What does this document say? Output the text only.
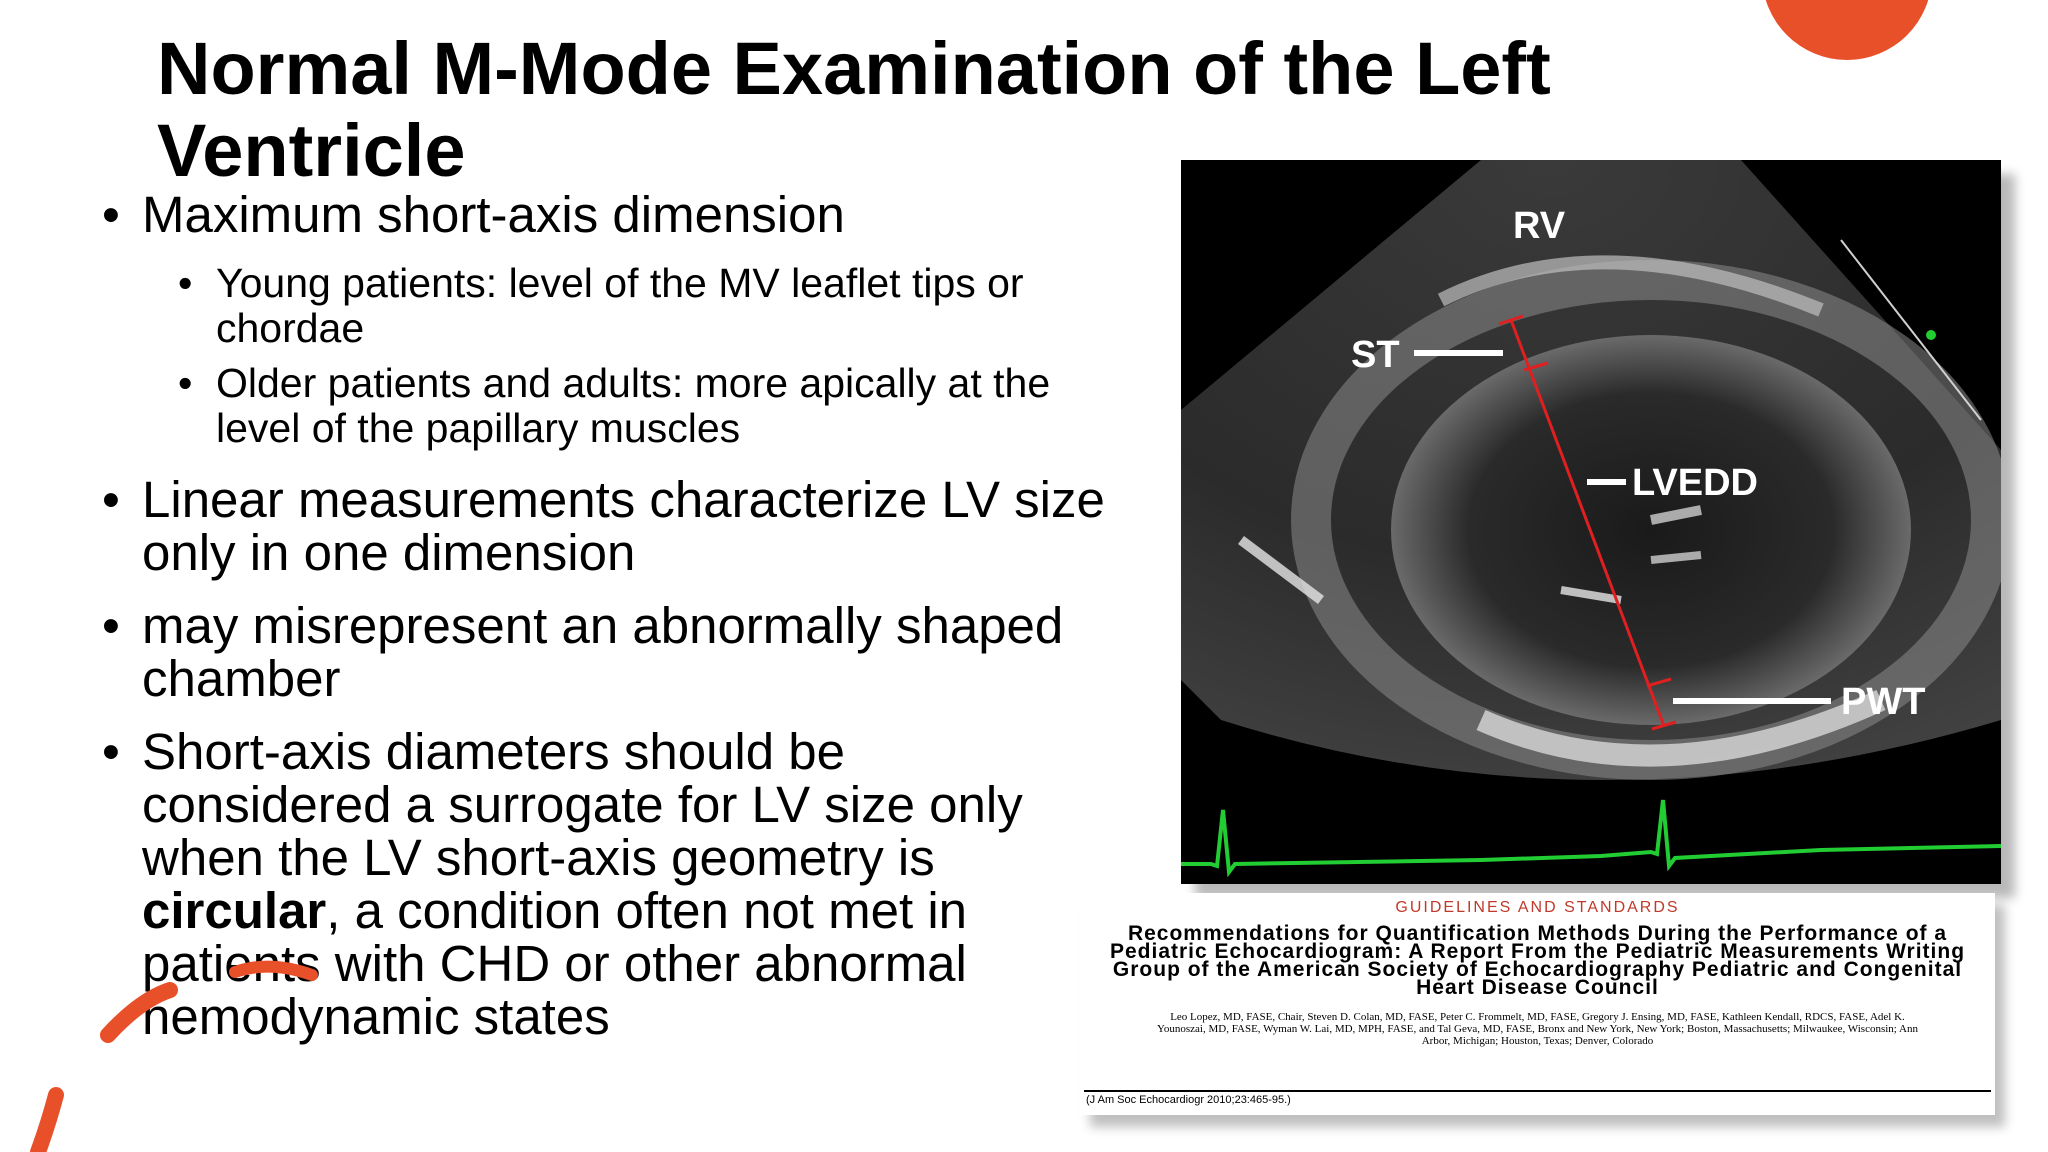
Normal M-Mode Examination of the Left Ventricle
• Maximum short-axis dimension
• Young patients: level of the MV leaflet tips or chordae
• Older patients and adults: more apically at the level of the papillary muscles
• Linear measurements characterize LV size only in one dimension
• may misrepresent an abnormally shaped chamber
• Short-axis diameters should be considered a surrogate for LV size only when the LV short-axis geometry is circular, a condition often not met in patients with CHD or other abnormal hemodynamic states
RV
ST
LVEDD
PWT
GUIDELINES AND STANDARDS
Recommendations for Quantification Methods During the Performance of a Pediatric Echocardiogram: A Report From the Pediatric Measurements Writing Group of the American Society of Echocardiography Pediatric and Congenital Heart Disease Council
Leo Lopez, MD, FASE, Chair, Steven D. Colan, MD, FASE, Peter C. Frommelt, MD, FASE, Gregory J. Ensing, MD, FASE, Kathleen Kendall, RDCS, FASE, Adel K. Younoszai, MD, FASE, Wyman W. Lai, MD, MPH, FASE, and Tal Geva, MD, FASE, Bronx and New York, New York; Boston, Massachusetts; Milwaukee, Wisconsin; Ann Arbor, Michigan; Houston, Texas; Denver, Colorado
(J Am Soc Echocardiogr 2010;23:465-95.)
